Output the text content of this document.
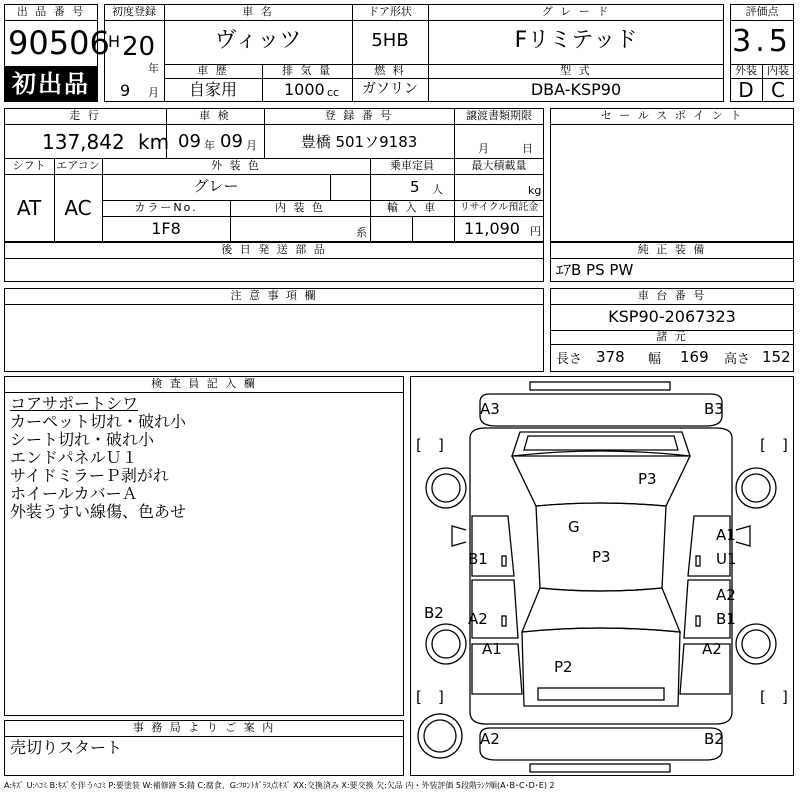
出 品 番 号
90506
初出品
初度登録
H 20
年
9 月
車 名
ヴィッツ
ドア形状
5HB
グ レ ー ド
Fリミテッド
車 歴
自家用
排 気 量
1000 cc
燃 料
ガソリン
型 式
DBA-KSP90
評価点
3.5
外装 内装
D C
走 行
137,842 km
車 検
09 年 09 月
登 録 番 号
豊橋 501ソ9183
譲渡書類期限
月	日
シフト
AT
エアコン
AC
外 装 色
グレー
乗車定員
5 人
最大積載量
kg
カラーNo.
1F8
内 装 色
系
輸 入 車	リサイクル預託金
11,090 円
セ ー ル ス ポ イ ン ト
後 日 発 送 部 品	純 正 装 備
ｴｱB PS PW
注 意 事 項 欄	車 台 番 号
KSP90-2067323
諸 元
長さ 378 幅 169 高さ 152
検 査 員 記 入 欄
コアサポートシワ
カーペット切れ・破れ小
シート切れ・破れ小
エンドパネルＵ１
サイドミラーＰ剥がれ
ホイールカバーＡ
外装うすい線傷、色あせ
事 務 局 よ り ご 案 内
売切りスタート
[ ]	[ ]
[ ]	[ ]
A3	B3
P3
G	A1
B1	P3	U1
A2
B2 A2	B1
A1	A2
P2
A2	B2
A:ｷｽﾞ U:ﾍｺﾐ B:ｷｽﾞを伴うﾍｺﾐ P:要塗装 W:補修跡 S:錆 C:腐食、G:ﾌﾛﾝﾄｶﾞﾗｽ点ｷｽﾞ XX:交換済み X:要交換 欠:欠品 内・外装評価 5段階ﾗﾝｸ順(A･B･C･D･E) 2
